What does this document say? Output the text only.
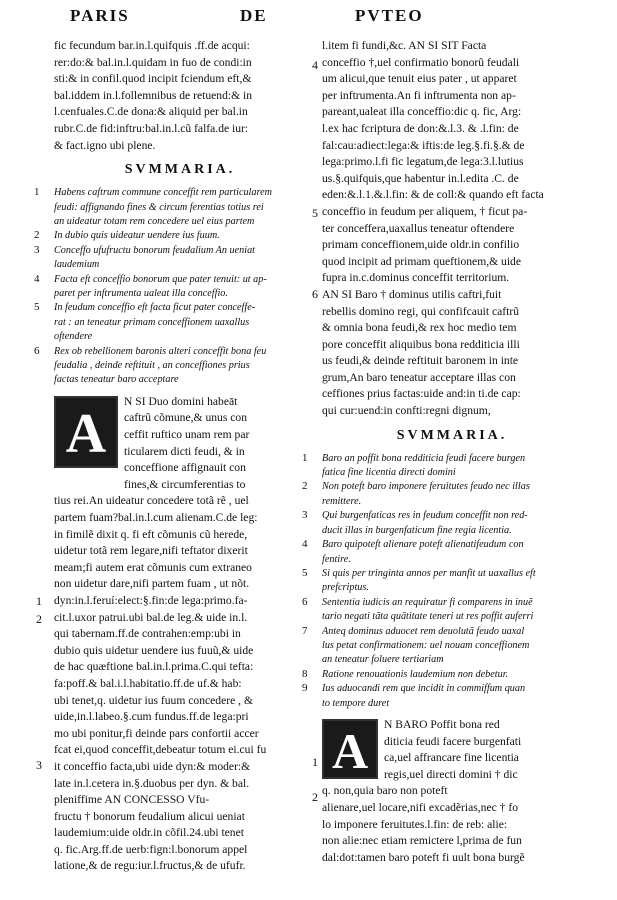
PARIS	DE	PVTEO
fic fecundum bar.in.l.quifquis .ff.de acqui:
rer:do:& bal.in.l.quidam in fuo de condi:in
sti:& in confil.quod incipit fciendum eft,&
bal.iddem in.l.follemnibus de retuend:& in
l.cenfuales.C.de dona:& aliquid per bal.in
rubr.C.de fid:inftru:bal.in.l.cũ falfa.de iur:
& fact.igno ubi plene.
SVMMARIA.
1 Habens caftrum commune conceffit rem particularem
feudi: affignando fines & circum ferentias totius rei
an uideatur totam rem concedere uel eius partem
2 In dubio quis uideatur uendere ius fuum.
3 Conceffo ufufructu bonorum feudalium An ueniat
laudemium
4 Facta eft conceffio bonorum que pater tenuit: ut ap-
paret per inftrumenta ualeat illa conceffio.
5 In feudum conceffio eft facta ficut pater conceffe-
rat : an teneatur primam conceffionem uaxallus
oftendere
6 Rex ob rebellionem baronis alteri conceffit bona feu
feudalia , deinde reftituit , an conceffiones prius
factas teneatur baro acceptare
A
N SI Duo domini habeāt
caftrũ cõmune,& unus con
ceffit ruftico unam rem par
ticularem dicti feudi, & in
conceffione affignauit con
fines,& circumferentias to
tius rei.An uideatur concedere totã rẽ , uel
partem fuam?bal.in.l.cum alienam.C.de leg:
in fimilẽ dixit q. fi eft cõmunis cũ herede,
uidetur totã rem legare,nifi teftator dixerit
meam;fi autem erat cõmunis cum extraneo
non uidetur dare,nifi partem fuam , ut nõt.
dyn:in.l.feruí:elect:§.fin:de lega:primo.fa-
cit.l.uxor patrui.ubi bal.de leg.& uide in.l.
qui tabernam.ff.de contrahen:emp:ubi in
dubio quis uidetur uendere ius fuuũ,& uide
de hac quæftione bal.in.l.prima.C.qui tefta:
fa:poff.& bal.i.l.habitatio.ff.de uf.& hab:
ubi tenet,q. uidetur ius fuum concedere , &
uide,in.l.labeo.§.cum fundus.ff.de lega:pri
mo ubi ponitur,fi deinde pars confortii accer
fcat ei,quod conceffit,debeatur totum ei.cui fu
it conceffio facta,ubi uide dyn:& moder:&
late in.l.cetera in.§.duobus per dyn. & bal.
pleniffime AN CONCESSO Vfu-
fructu † bonorum feudalium alicui ueniat
laudemium:uide oldr.in cõfil.24.ubi tenet
q. fic.Arg.ff.de uerb:fign:l.bonorum appel
latione,& de regu:iur.l.fructus,& de ufufr.
1
2
3
l.item fi fundi,&c. AN SI SIT Facta
conceffio †,uel confirmatio bonorũ feudali
um alicui,que tenuit eius pater , ut apparet
per inftrumenta.An fi inftrumenta non ap-
pareant,ualeat illa conceffio:dic q. fic, Arg:
l.ex hac fcriptura de don:&.l.3. & .l.fin: de
fal:cau:adiect:lega:& iftis:de leg.§.fi.§.& de
lega:primo.l.fi fic legatum,de lega:3.l.lutius
us.§.quifquis,que habentur in.l.edita .C. de
eden:&.l.1.&.l.fin: & de coll:& quando eft facta
conceffio in feudum per aliquem, † ficut pa-
ter conceffera,uaxallus teneatur oftendere
primam conceffionem,uide oldr.in confilio
quod incipit ad primam queftionem,& uide
fupra in.c.dominus conceffit territorium.
AN SI Baro † dominus utilis caftri,fuit
rebellis domino regi, qui confifcauit caftrũ
& omnia bona feudi,& rex hoc medio tem
pore conceffit aliquibus bona redditicia illi
us feudi,& deinde reftituit baronem in inte
grum,An baro teneatur acceptare illas con
ceffiones prius factas:uide and:in ti.de cap:
qui cur:uend:in confti:regni dignum,
SVMMARIA.
1 Baro an poffit bona redditicia feudi facere burgen
fatica fine licentia directi domini
2 Non poteft baro imponere feruitutes feudo nec illas
remittere.
3 Qui burgenfaticas res in feudum conceffit non red-
ducit illas in burgenfaticum fine regia licentia.
4 Baro quipoteft alienare poteft alienatifeudum con
fentire.
5 Si quis per tringinta annos per manfit ut uaxallus eft
prefcriptus.
6 Sententia iudicis an requiratur fi comparens in inuẽ
tario negati tãta quãtitate teneri ut res poffit auferri
7 Anteq dominus aduocet rem deuolutã feudo uaxal
lus petat confirmationem: uel nouam conceffionem
an teneatur foluere tertiariam
8 Ratione renouationis laudemium non debetur.
9 Ius aduocandi rem que incidit in commiffum quan
to tempore duret
A	N BARO Poffit bona red
diticia feudi facere burgenfati
ca,uel affrancare fine licentia
regis,uel directi domini † dic
q. non,quia baro non poteft
alienare,uel locare,nifi excadẽrias,nec † fo
lo imponere feruitutes.l.fin: de reb: alie:
non alie:nec etiam remictere l,prima de fun
dal:dot:tamen baro poteft fi uult bona burgẽ
4
5
6
1
2
